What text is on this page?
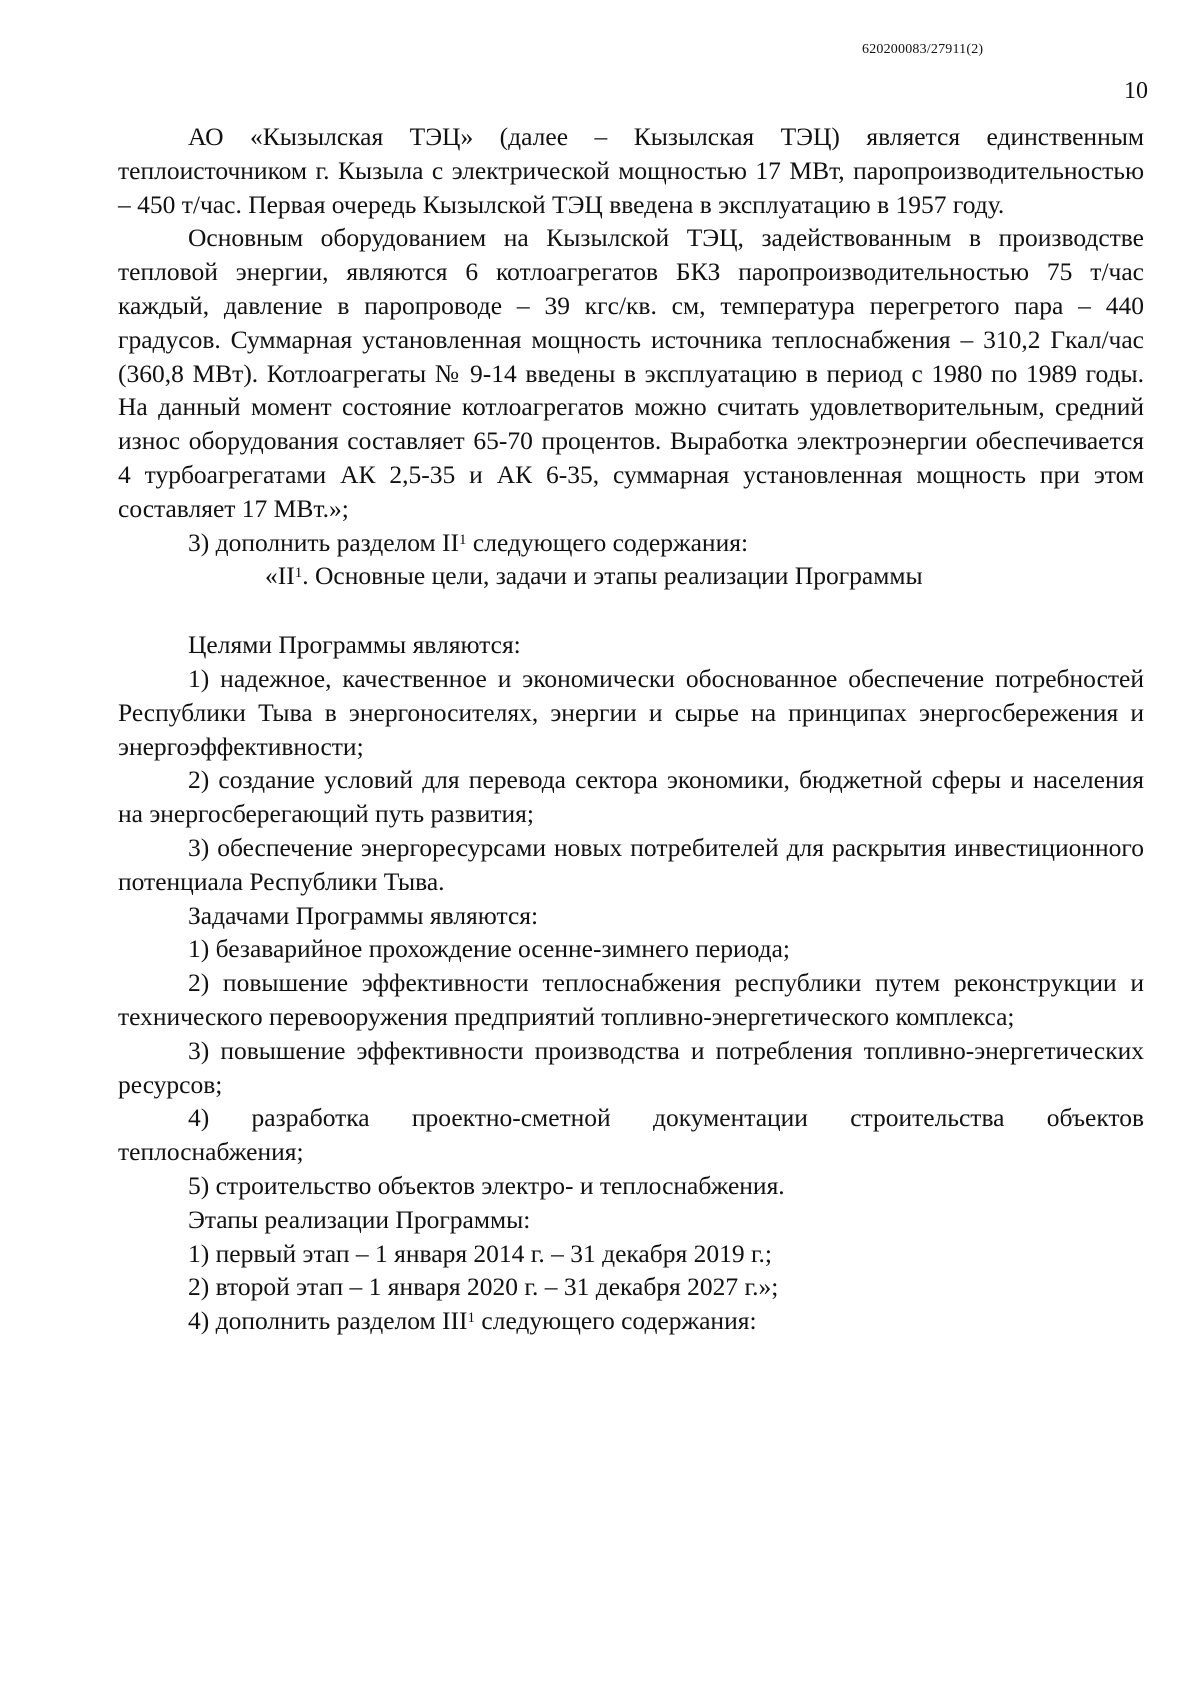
620200083/27911(2)
10

АО «Кызылская ТЭЦ» (далее – Кызылская ТЭЦ) является единственным теплоисточником г. Кызыла с электрической мощностью 17 МВт, паропроизводительностью – 450 т/час. Первая очередь Кызылской ТЭЦ введена в эксплуатацию в 1957 году.

Основным оборудованием на Кызылской ТЭЦ, задействованным в производстве тепловой энергии, являются 6 котлоагрегатов БКЗ паропроизводительностью 75 т/час каждый, давление в паропроводе – 39 кгс/кв. см, температура перегретого пара – 440 градусов. Суммарная установленная мощность источника теплоснабжения – 310,2 Гкал/час (360,8 МВт). Котлоагрегаты № 9-14 введены в эксплуатацию в период с 1980 по 1989 годы. На данный момент состояние котлоагрегатов можно считать удовлетворительным, средний износ оборудования составляет 65-70 процентов. Выработка электроэнергии обеспечивается 4 турбоагрегатами АК 2,5-35 и АК 6-35, суммарная установленная мощность при этом составляет 17 МВт.»;

3) дополнить разделом $II^1$ следующего содержания:

«$II^1$. Основные цели, задачи и этапы реализации Программы

Целями Программы являются:

1) надежное, качественное и экономически обоснованное обеспечение потребностей Республики Тыва в энергоносителях, энергии и сырье на принципах энергосбережения и энергоэффективности;

2) создание условий для перевода сектора экономики, бюджетной сферы и населения на энергосберегающий путь развития;

3) обеспечение энергоресурсами новых потребителей для раскрытия инвестиционного потенциала Республики Тыва.

Задачами Программы являются:

1) безаварийное прохождение осенне-зимнего периода;

2) повышение эффективности теплоснабжения республики путем реконструкции и технического перевооружения предприятий топливно-энергетического комплекса;

3) повышение эффективности производства и потребления топливно-энергетических ресурсов;

4) разработка проектно-сметной документации строительства объектов теплоснабжения;

5) строительство объектов электро- и теплоснабжения.

Этапы реализации Программы:

1) первый этап – 1 января 2014 г. – 31 декабря 2019 г.;

2) второй этап – 1 января 2020 г. – 31 декабря 2027 г.»;

4) дополнить разделом III$^1$ следующего содержания:
